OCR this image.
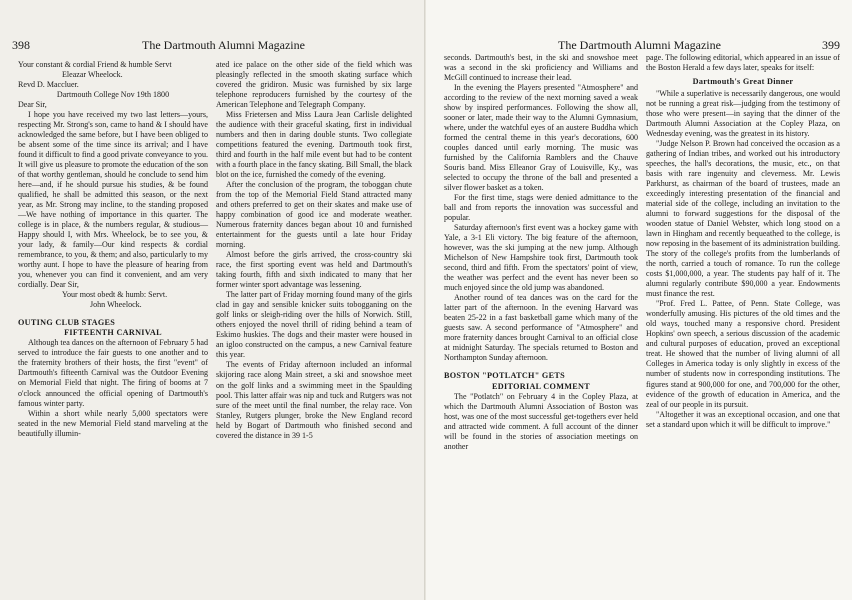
398	The Dartmouth Alumni Magazine

Your constant & cordial Friend & humble Servt

Eleazar Wheelock.

Revd D. Maccluer.

Dartmouth College Nov 19th 1800

Dear Sir,

I hope you have received my two last letters—yours, respecting Mr. Strong's son, came to hand & I should have acknowledged the same before, but I have been obliged to be absent some of the time since its arrival; and I have found it difficult to find a good private conveyance to you. It will give us pleasure to promote the education of the son of that worthy gentleman, should he conclude to send him here—and, if he should pursue his studies, & be found qualified, he shall be admitted this season, or the next year, as Mr. Strong may incline, to the standing proposed—We have nothing of importance in this quarter. The college is in place, & the numbers regular, & studious—Happy should I, with Mrs. Wheelock, be to see you, & your lady, & family—Our kind respects & cordial remembrance, to you, & them; and also, particularly to my worthy aunt. I hope to have the pleasure of hearing from you, whenever you can find it convenient, and am very cordially. Dear Sir,

Your most obedt & humb: Servt.

John Wheelock.

OUTING CLUB STAGES

FIFTEENTH CARNIVAL

Although tea dances on the afternoon of February 5 had served to introduce the fair guests to one another and to the fraternity brothers of their hosts, the first "event" of Dartmouth's fifteenth Carnival was the Outdoor Evening on Memorial Field that night. The firing of booms at 7 o'clock announced the official opening of Dartmouth's famous winter party.

Within a short while nearly 5,000 spectators were seated in the new Memorial Field stand marveling at the beautifully illumin-

ated ice palace on the other side of the field which was pleasingly reflected in the smooth skating surface which covered the gridiron. Music was furnished by six large telephone reproducers furnished by the courtesy of the American Telephone and Telegraph Company.

Miss Frietersen and Miss Laura Jean Carlisle delighted the audience with their graceful skating, first in individual numbers and then in daring double stunts. Two collegiate competitions featured the evening. Dartmouth took first, third and fourth in the half mile event but had to be content with a fourth place in the fancy skating. Bill Small, the black blot on the ice, furnished the comedy of the evening.

After the conclusion of the program, the toboggan chute from the top of the Memorial Field Stand attracted many and others preferred to get on their skates and make use of happy combination of good ice and moderate weather. Numerous fraternity dances began about 10 and furnished entertainment for the guests until a late hour Friday morning.

Almost before the girls arrived, the cross-country ski race, the first sporting event was held and Dartmouth's taking fourth, fifth and sixth indicated to many that her former winter sport advantage was lessening.

The latter part of Friday morning found many of the girls clad in gay and sensible knicker suits tobogganing on the golf links or sleigh-riding over the hills of Norwich. Still, others enjoyed the novel thrill of riding behind a team of Eskimo huskies. The dogs and their master were housed in an igloo constructed on the campus, a new Carnival feature this year.

The events of Friday afternoon included an informal skijoring race along Main street, a ski and snowshoe meet on the golf links and a swimming meet in the Spaulding pool. This latter affair was nip and tuck and Rutgers was not sure of the meet until the final number, the relay race. Von Stanley, Rutgers plunger, broke the New England record held by Bogart of Dartmouth who finished second and covered the distance in 39 1-5

The Dartmouth Alumni Magazine	399

seconds. Dartmouth's best, in the ski and snowshoe meet was a second in the ski proficiency and Williams and McGill continued to increase their lead.

In the evening the Players presented "Atmosphere" and according to the review of the next morning saved a weak show by inspired performances. Following the show all, sooner or later, made their way to the Alumni Gymnasium, where, under the watchful eyes of an austere Buddha which formed the central theme in this year's decorations, 600 couples danced until early morning. The music was furnished by the California Ramblers and the Chauve Souris band. Miss Elleanor Gray of Louisville, Ky., was selected to occupy the throne of the ball and presented a silver flower basket as a token.

For the first time, stags were denied admittance to the ball and from reports the innovation was successful and popular.

Saturday afternoon's first event was a hockey game with Yale, a 3-1 Eli victory. The big feature of the afternoon, however, was the ski jumping at the new jump. Although Michelson of New Hampshire took first, Dartmouth took second, third and fifth. From the spectators' point of view, the weather was perfect and the event has never been so much enjoyed since the old jump was abandoned.

Another round of tea dances was on the card for the latter part of the afternoon. In the evening Harvard was beaten 25-22 in a fast basketball game which many of the guests saw. A second performance of "Atmosphere" and more fraternity dances brought Carnival to an official close at midnight Saturday. The specials returned to Boston and Northampton Sunday afternoon.

BOSTON "POTLATCH" GETS

EDITORIAL COMMENT

The "Potlatch" on February 4 in the Copley Plaza, at which the Dartmouth Alumni Association of Boston was host, was one of the most successful get-togethers ever held and attracted wide comment. A full account of the dinner will be found in the stories of association meetings on another

page. The following editorial, which appeared in an issue of the Boston Herald a few days later, speaks for itself:

Dartmouth's Great Dinner

"While a superlative is necessarily dangerous, one would not be running a great risk—judging from the testimony of those who were present—in saying that the dinner of the Dartmouth Alumni Association at the Copley Plaza, on Wednesday evening, was the greatest in its history.

"Judge Nelson P. Brown had conceived the occasion as a gathering of Indian tribes, and worked out his introductory speeches, the hall's decorations, the music, etc., on that basis with rare ingenuity and cleverness. Mr. Lewis Parkhurst, as chairman of the board of trustees, made an exceedingly interesting presentation of the financial and material side of the college, including an invitation to the alumni to forward suggestions for the disposal of the wooden statue of Daniel Webster, which long stood on a lawn in Hingham and recently bequeathed to the college, is now reposing in the basement of its administration building. The story of the college's profits from the lumberlands of the north, carried a touch of romance. To run the college costs $1,000,000, a year. The students pay half of it. The alumni regularly contribute $90,000 a year. Endowments must finance the rest.

"Prof. Fred L. Pattee, of Penn. State College, was wonderfully amusing. His pictures of the old times and the old ways, touched many a responsive chord. President Hopkins' own speech, a serious discussion of the academic and cultural purposes of education, proved an exceptional treat. He showed that the number of living alumni of all Colleges in America today is only slightly in excess of the number of students now in corresponding institutions. The figures stand at 900,000 for one, and 700,000 for the other, evidence of the growth of education in America, and the zeal of our people in its pursuit.

"Altogether it was an exceptional occasion, and one that set a standard upon which it will be difficult to improve."
